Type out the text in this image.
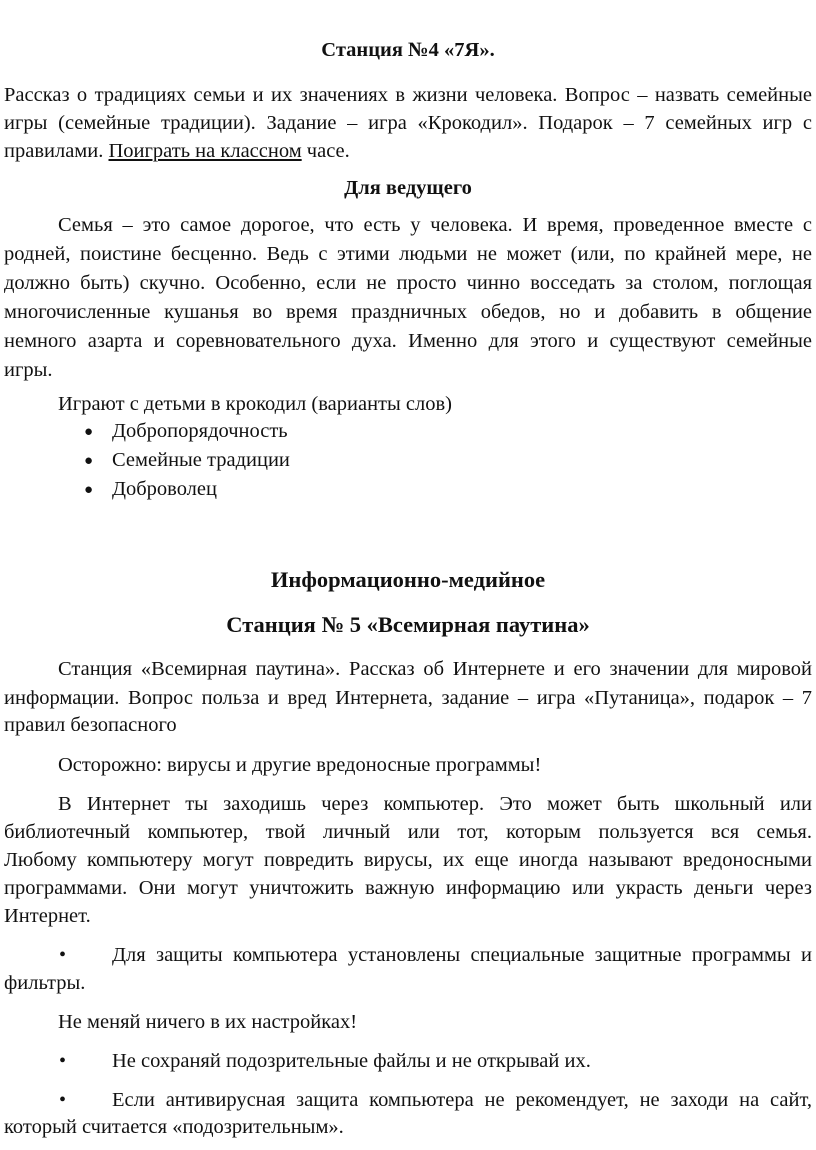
Станция №4 «7Я».
Рассказ о традициях семьи и их значениях в жизни человека. Вопрос – назвать семейные
игры (семейные традиции). Задание – игра «Крокодил». Подарок – 7 семейных игр с
правилами. Поиграть на классном часе.
Для ведущего
Семья – это самое дорогое, что есть у человека. И время, проведенное вместе с
родней, поистине бесценно. Ведь с этими людьми не может (или, по крайней мере, не
должно быть) скучно. Особенно, если не просто чинно восседать за столом, поглощая
многочисленные кушанья во время праздничных обедов, но и добавить в общение
немного азарта и соревновательного духа. Именно для этого и существуют семейные
игры.
Играют с детьми в крокодил (варианты слов)
● Добропорядочность
● Семейные традиции
● Доброволец
Информационно-медийное
Станция № 5 «Всемирная паутина»
Станция «Всемирная паутина». Рассказ об Интернете и его значении для мировой
информации. Вопрос польза и вред Интернета, задание – игра «Путаница», подарок – 7
правил безопасного
Осторожно: вирусы и другие вредоносные программы!
В Интернет ты заходишь через компьютер. Это может быть школьный или
библиотечный компьютер, твой личный или тот, которым пользуется вся семья.
Любому компьютеру могут повредить вирусы, их еще иногда называют вредоносными
программами. Они могут уничтожить важную информацию или украсть деньги через
Интернет.
• Для защиты компьютера установлены специальные защитные программы и
фильтры.
Не меняй ничего в их настройках!
• Не сохраняй подозрительные файлы и не открывай их.
• Если антивирусная защита компьютера не рекомендует, не заходи на сайт,
который считается «подозрительным».
